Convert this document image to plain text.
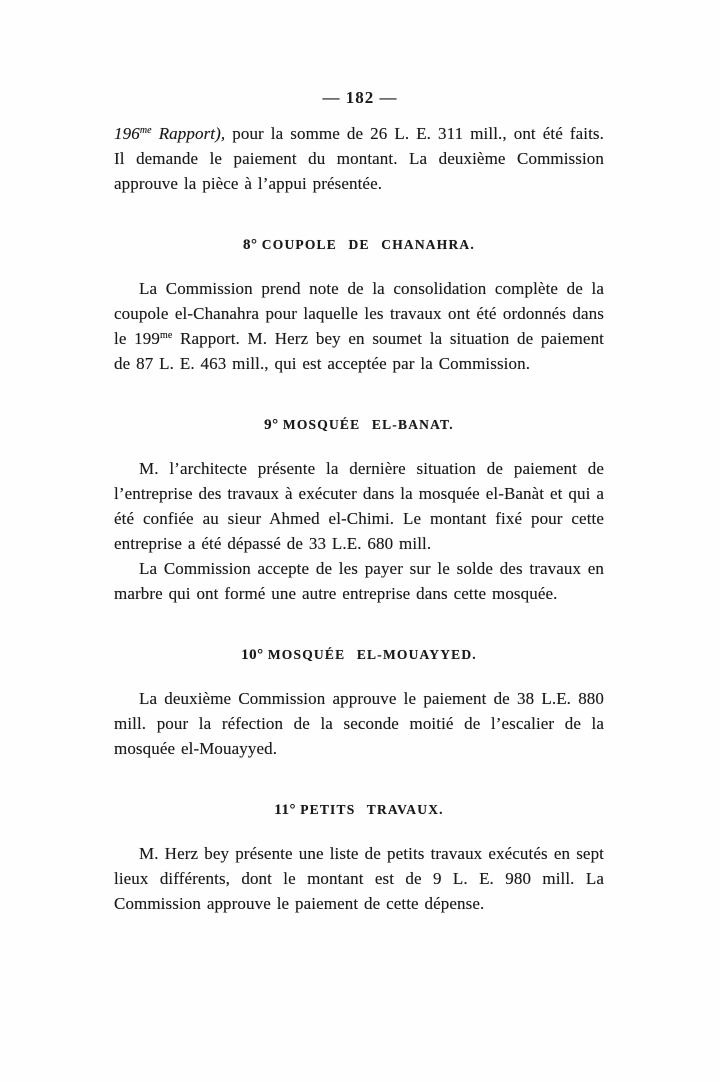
— 182 —

$196^{me}$ Rapport), pour la somme de 26 L. E. 311 mill., ont été faits. Il demande le paiement du montant. La deuxième Commission approuve la pièce à l’appui présentée.

8° COUPOLE DE CHANAHRA.

La Commission prend note de la consolidation complète de la coupole el-Chanahra pour laquelle les travaux ont été ordonnés dans le $199^{me}$ Rapport. M. Herz bey en soumet la situation de paiement de 87 L. E. 463 mill., qui est acceptée par la Commission.

9° MOSQUÉE EL-BANAT.

M. l’architecte présente la dernière situation de paiement de l’entreprise des travaux à exécuter dans la mosquée el-Banàt et qui a été confiée au sieur Ahmed el-Chimi. Le montant fixé pour cette entreprise a été dépassé de 33 L.E. 680 mill.

La Commission accepte de les payer sur le solde des travaux en marbre qui ont formé une autre entreprise dans cette mosquée.

10° MOSQUÉE EL-MOUAYYED.

La deuxième Commission approuve le paiement de 38 L.E. 880 mill. pour la réfection de la seconde moitié de l’escalier de la mosquée el-Mouayyed.

11° PETITS TRAVAUX.

M. Herz bey présente une liste de petits travaux exécutés en sept lieux différents, dont le montant est de 9 L. E. 980 mill. La Commission approuve le paiement de cette dépense.
